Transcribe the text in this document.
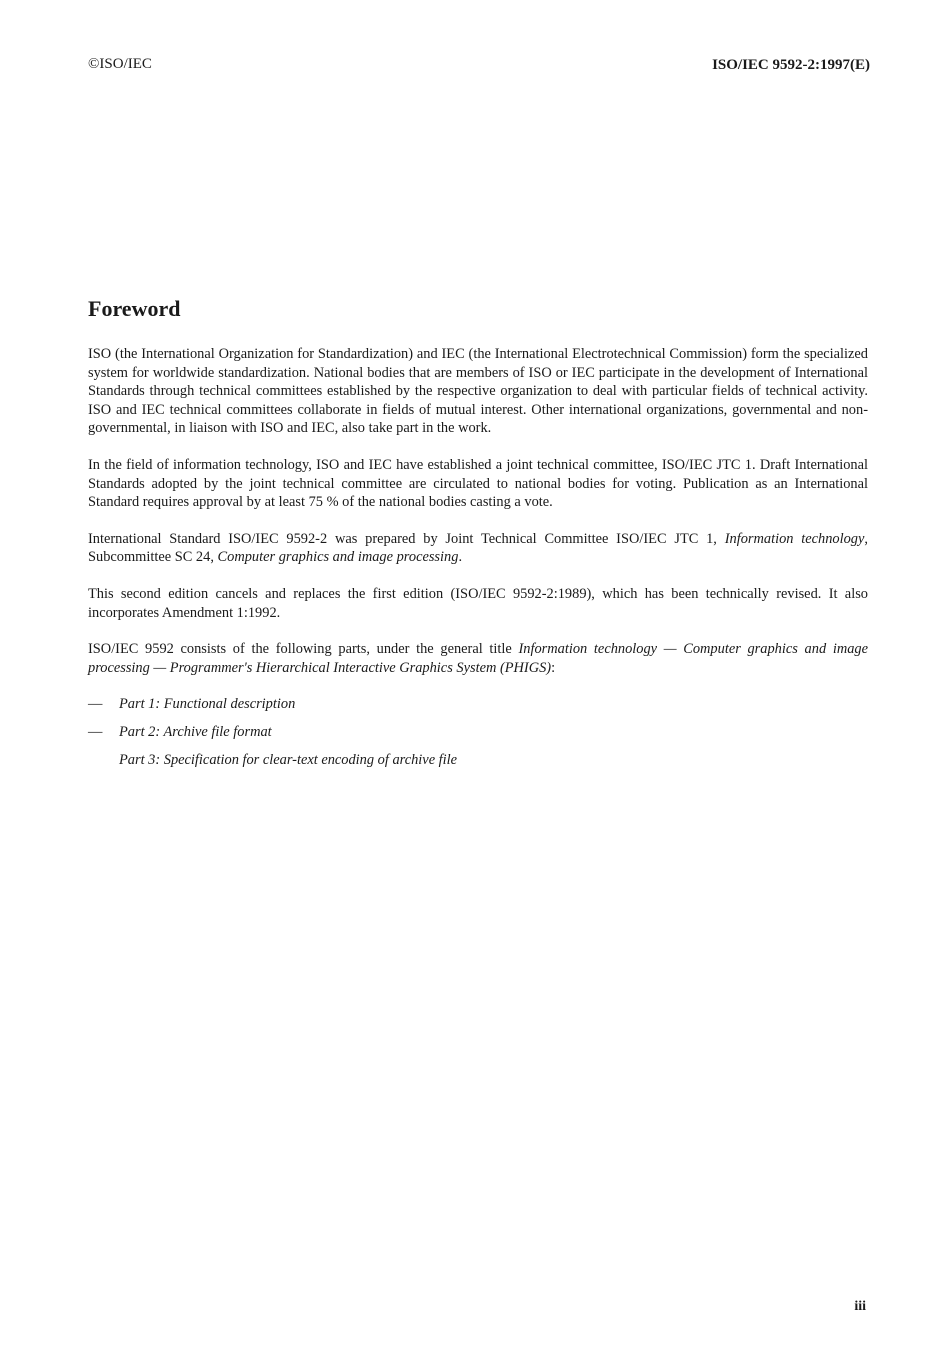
©ISO/IEC	ISO/IEC 9592-2:1997(E)
Foreword

ISO (the International Organization for Standardization) and IEC (the International Electrotechnical Commission) form the specialized system for worldwide standardization. National bodies that are members of ISO or IEC participate in the development of International Standards through technical committees established by the respective organization to deal with particular fields of technical activity. ISO and IEC technical committees collaborate in fields of mutual interest. Other international organizations, governmental and non-governmental, in liaison with ISO and IEC, also take part in the work.

In the field of information technology, ISO and IEC have established a joint technical committee, ISO/IEC JTC 1. Draft International Standards adopted by the joint technical committee are circulated to national bodies for voting. Publication as an International Standard requires approval by at least 75 % of the national bodies casting a vote.

International Standard ISO/IEC 9592-2 was prepared by Joint Technical Committee ISO/IEC JTC 1, Information technology, Subcommittee SC 24, Computer graphics and image processing.

This second edition cancels and replaces the first edition (ISO/IEC 9592-2:1989), which has been technically revised. It also incorporates Amendment 1:1992.

ISO/IEC 9592 consists of the following parts, under the general title Information technology — Computer graphics and image processing — Programmer's Hierarchical Interactive Graphics System (PHIGS):

— Part 1: Functional description
— Part 2: Archive file format
Part 3: Specification for clear-text encoding of archive file
iii
